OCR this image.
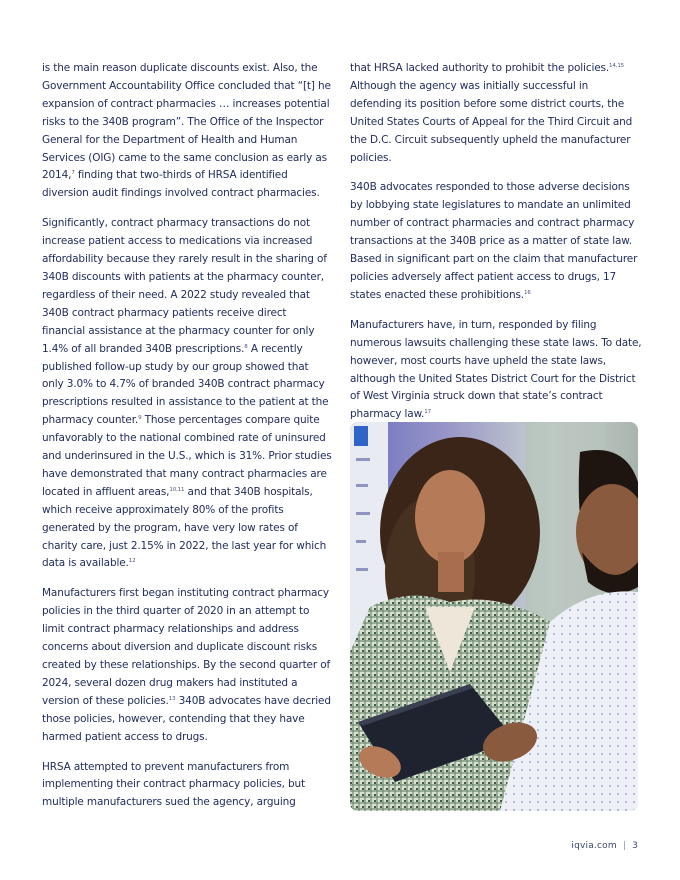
is the main reason duplicate discounts exist. Also, the Government Accountability Office concluded that “[t] he expansion of contract pharmacies … increases potential risks to the 340B program”. The Office of the Inspector General for the Department of Health and Human Services (OIG) came to the same conclusion as early as 2014,$^7$ finding that two-thirds of HRSA identified diversion audit findings involved contract pharmacies.

Significantly, contract pharmacy transactions do not increase patient access to medications via increased affordability because they rarely result in the sharing of 340B discounts with patients at the pharmacy counter, regardless of their need. A 2022 study revealed that 340B contract pharmacy patients receive direct financial assistance at the pharmacy counter for only 1.4% of all branded 340B prescriptions.$^8$ A recently published follow-up study by our group showed that only 3.0% to 4.7% of branded 340B contract pharmacy prescriptions resulted in assistance to the patient at the pharmacy counter.$^9$ Those percentages compare quite unfavorably to the national combined rate of uninsured and underinsured in the U.S., which is 31%. Prior studies have demonstrated that many contract pharmacies are located in affluent areas,$^{10,11}$ and that 340B hospitals, which receive approximately 80% of the profits generated by the program, have very low rates of charity care, just 2.15% in 2022, the last year for which data is available.$^{12}$

Manufacturers first began instituting contract pharmacy policies in the third quarter of 2020 in an attempt to limit contract pharmacy relationships and address concerns about diversion and duplicate discount risks created by these relationships. By the second quarter of 2024, several dozen drug makers had instituted a version of these policies.$^{13}$ 340B advocates have decried those policies, however, contending that they have harmed patient access to drugs.

HRSA attempted to prevent manufacturers from implementing their contract pharmacy policies, but multiple manufacturers sued the agency, arguing

that HRSA lacked authority to prohibit the policies.$^{14,15}$ Although the agency was initially successful in defending its position before some district courts, the United States Courts of Appeal for the Third Circuit and the D.C. Circuit subsequently upheld the manufacturer policies.

340B advocates responded to those adverse decisions by lobbying state legislatures to mandate an unlimited number of contract pharmacies and contract pharmacy transactions at the 340B price as a matter of state law. Based in significant part on the claim that manufacturer policies adversely affect patient access to drugs, 17 states enacted these prohibitions.$^{16}$

Manufacturers have, in turn, responded by filing numerous lawsuits challenging these state laws. To date, however, most courts have upheld the state laws, although the United States District Court for the District of West Virginia struck down that state’s contract pharmacy law.$^{17}$

iqvia.com | 3
